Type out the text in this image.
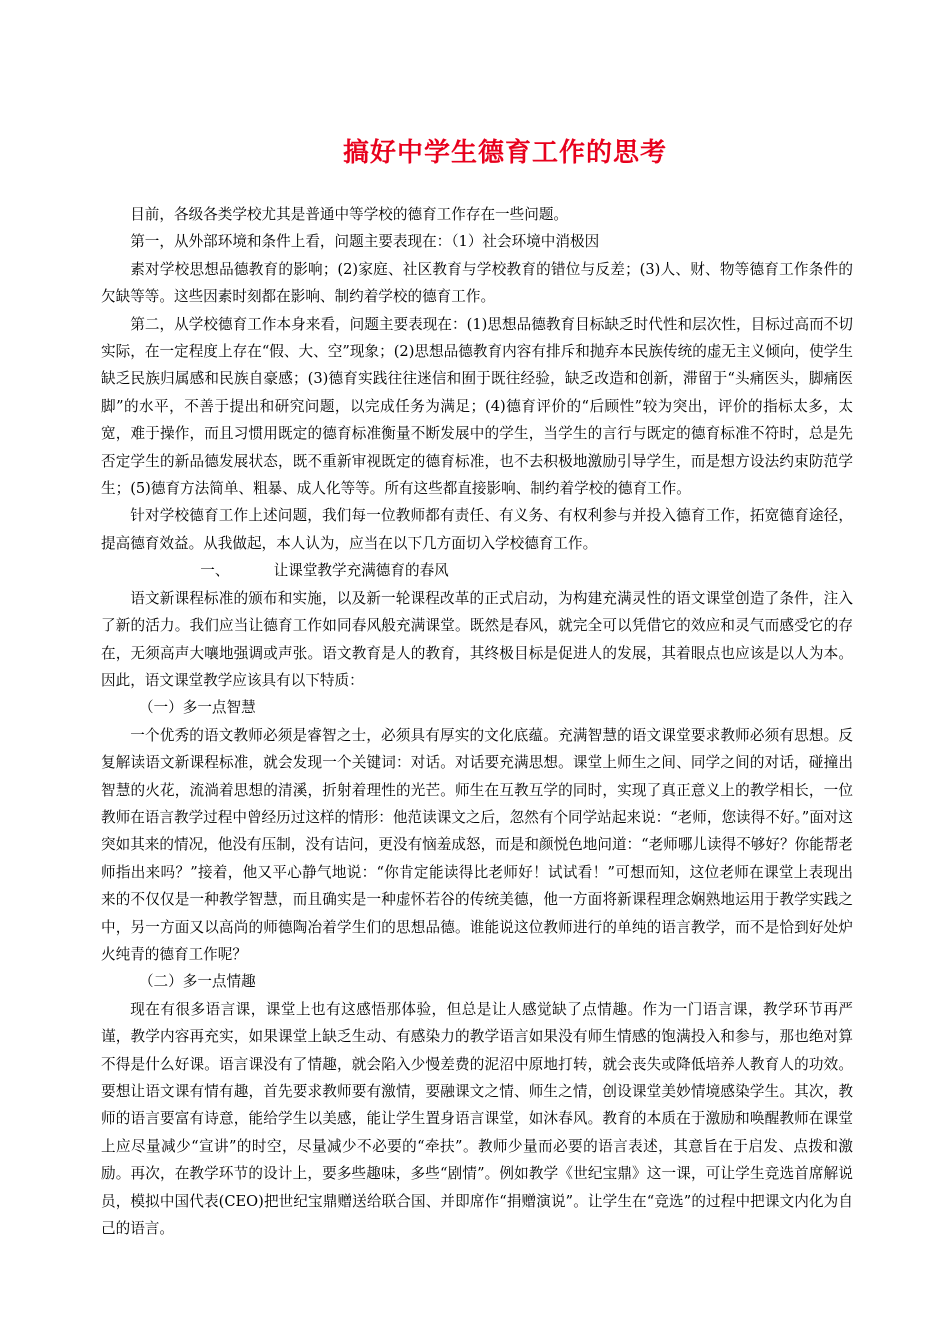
搞好中学生德育工作的思考

目前，各级各类学校尤其是普通中等学校的德育工作存在一些问题。

第一，从外部环境和条件上看，问题主要表现在：（1）社会环境中消极因

素对学校思想品德教育的影响；(2)家庭、社区教育与学校教育的错位与反差；(3)人、财、物等德育工作条件的欠缺等等。这些因素时刻都在影响、制约着学校的德育工作。

第二，从学校德育工作本身来看，问题主要表现在：(1)思想品德教育目标缺乏时代性和层次性，目标过高而不切实际，在一定程度上存在“假、大、空”现象；(2)思想品德教育内容有排斥和抛弃本民族传统的虚无主义倾向，使学生缺乏民族归属感和民族自豪感；(3)德育实践往往迷信和囿于既往经验，缺乏改造和创新，滞留于“头痛医头，脚痛医脚”的水平，不善于提出和研究问题，以完成任务为满足；(4)德育评价的“后顾性”较为突出，评价的指标太多，太宽，难于操作，而且习惯用既定的德育标准衡量不断发展中的学生，当学生的言行与既定的德育标准不符时，总是先否定学生的新品德发展状态，既不重新审视既定的德育标准，也不去积极地激励引导学生，而是想方设法约束防范学生；(5)德育方法简单、粗暴、成人化等等。所有这些都直接影响、制约着学校的德育工作。

针对学校德育工作上述问题，我们每一位教师都有责任、有义务、有权利参与并投入德育工作，拓宽德育途径，提高德育效益。从我做起，本人认为，应当在以下几方面切入学校德育工作。

一、	让课堂教学充满德育的春风

语文新课程标准的颁布和实施，以及新一轮课程改革的正式启动，为构建充满灵性的语文课堂创造了条件，注入了新的活力。我们应当让德育工作如同春风般充满课堂。既然是春风，就完全可以凭借它的效应和灵气而感受它的存在，无须高声大嚷地强调或声张。语文教育是人的教育，其终极目标是促进人的发展，其着眼点也应该是以人为本。因此，语文课堂教学应该具有以下特质：

（一）多一点智慧

一个优秀的语文教师必须是睿智之士，必须具有厚实的文化底蕴。充满智慧的语文课堂要求教师必须有思想。反复解读语文新课程标准，就会发现一个关键词：对话。对话要充满思想。课堂上师生之间、同学之间的对话，碰撞出智慧的火花，流淌着思想的清溪，折射着理性的光芒。师生在互教互学的同时，实现了真正意义上的教学相长，一位教师在语言教学过程中曾经历过这样的情形：他范读课文之后，忽然有个同学站起来说：“老师，您读得不好。”面对这突如其来的情况，他没有压制，没有诘问，更没有恼羞成怒，而是和颜悦色地问道：“老师哪儿读得不够好？你能帮老师指出来吗？”接着，他又平心静气地说：“你肯定能读得比老师好！试试看！”可想而知，这位老师在课堂上表现出来的不仅仅是一种教学智慧，而且确实是一种虚怀若谷的传统美德，他一方面将新课程理念娴熟地运用于教学实践之中，另一方面又以高尚的师德陶冶着学生们的思想品德。谁能说这位教师进行的单纯的语言教学，而不是恰到好处炉火纯青的德育工作呢？

（二）多一点情趣

现在有很多语言课，课堂上也有这感悟那体验，但总是让人感觉缺了点情趣。作为一门语言课，教学环节再严谨，教学内容再充实，如果课堂上缺乏生动、有感染力的教学语言如果没有师生情感的饱满投入和参与，那也绝对算不得是什么好课。语言课没有了情趣，就会陷入少慢差费的泥沼中原地打转，就会丧失或降低培养人教育人的功效。要想让语文课有情有趣，首先要求教师要有激情，要融课文之情、师生之情，创设课堂美妙情境感染学生。其次，教师的语言要富有诗意，能给学生以美感，能让学生置身语言课堂，如沐春风。教育的本质在于激励和唤醒教师在课堂上应尽量减少“宣讲”的时空，尽量减少不必要的“牵扶”。教师少量而必要的语言表述，其意旨在于启发、点拨和激励。再次，在教学环节的设计上，要多些趣味，多些“剧情”。例如教学《世纪宝鼎》这一课，可让学生竞选首席解说员，模拟中国代表(CEO)把世纪宝鼎赠送给联合国、并即席作“捐赠演说”。让学生在“竞选”的过程中把课文内化为自己的语言。
